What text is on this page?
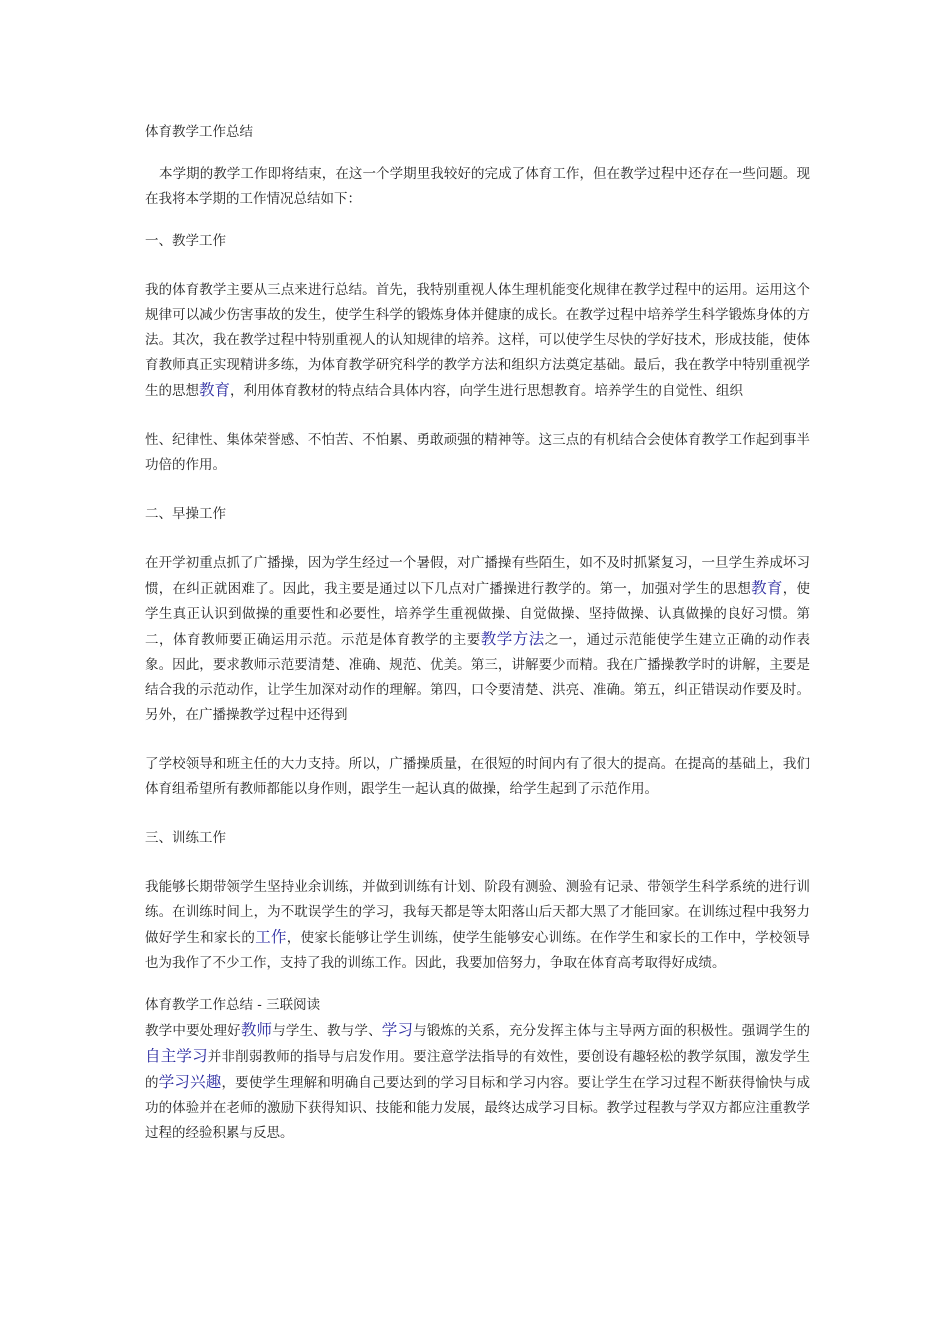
体育教学工作总结

本学期的教学工作即将结束，在这一个学期里我较好的完成了体育工作，但在教学过程中还存在一些问题。现在我将本学期的工作情况总结如下：

一、教学工作

我的体育教学主要从三点来进行总结。首先，我特别重视人体生理机能变化规律在教学过程中的运用。运用这个规律可以减少伤害事故的发生，使学生科学的锻炼身体并健康的成长。在教学过程中培养学生科学锻炼身体的方法。其次，我在教学过程中特别重视人的认知规律的培养。这样，可以使学生尽快的学好技术，形成技能，使体育教师真正实现精讲多练，为体育教学研究科学的教学方法和组织方法奠定基础。最后，我在教学中特别重视学生的思想教育，利用体育教材的特点结合具体内容，向学生进行思想教育。培养学生的自觉性、组织

性、纪律性、集体荣誉感、不怕苦、不怕累、勇敢顽强的精神等。这三点的有机结合会使体育教学工作起到事半功倍的作用。

二、早操工作

在开学初重点抓了广播操，因为学生经过一个暑假，对广播操有些陌生，如不及时抓紧复习，一旦学生养成坏习惯，在纠正就困难了。因此，我主要是通过以下几点对广播操进行教学的。第一，加强对学生的思想教育，使学生真正认识到做操的重要性和必要性，培养学生重视做操、自觉做操、坚持做操、认真做操的良好习惯。第二，体育教师要正确运用示范。示范是体育教学的主要教学方法之一，通过示范能使学生建立正确的动作表象。因此，要求教师示范要清楚、准确、规范、优美。第三，讲解要少而精。我在广播操教学时的讲解，主要是结合我的示范动作，让学生加深对动作的理解。第四，口令要清楚、洪亮、准确。第五，纠正错误动作要及时。另外，在广播操教学过程中还得到

了学校领导和班主任的大力支持。所以，广播操质量，在很短的时间内有了很大的提高。在提高的基础上，我们体育组希望所有教师都能以身作则，跟学生一起认真的做操，给学生起到了示范作用。

三、训练工作

我能够长期带领学生坚持业余训练，并做到训练有计划、阶段有测验、测验有记录、带领学生科学系统的进行训练。在训练时间上，为不耽误学生的学习，我每天都是等太阳落山后天都大黑了才能回家。在训练过程中我努力做好学生和家长的工作，使家长能够让学生训练，使学生能够安心训练。在作学生和家长的工作中，学校领导也为我作了不少工作，支持了我的训练工作。因此，我要加倍努力，争取在体育高考取得好成绩。

体育教学工作总结 - 三联阅读

教学中要处理好教师与学生、教与学、学习与锻炼的关系，充分发挥主体与主导两方面的积极性。强调学生的自主学习并非削弱教师的指导与启发作用。要注意学法指导的有效性，要创设有趣轻松的教学氛围，激发学生的学习兴趣，要使学生理解和明确自己要达到的学习目标和学习内容。要让学生在学习过程不断获得愉快与成功的体验并在老师的激励下获得知识、技能和能力发展，最终达成学习目标。教学过程教与学双方都应注重教学过程的经验积累与反思。
